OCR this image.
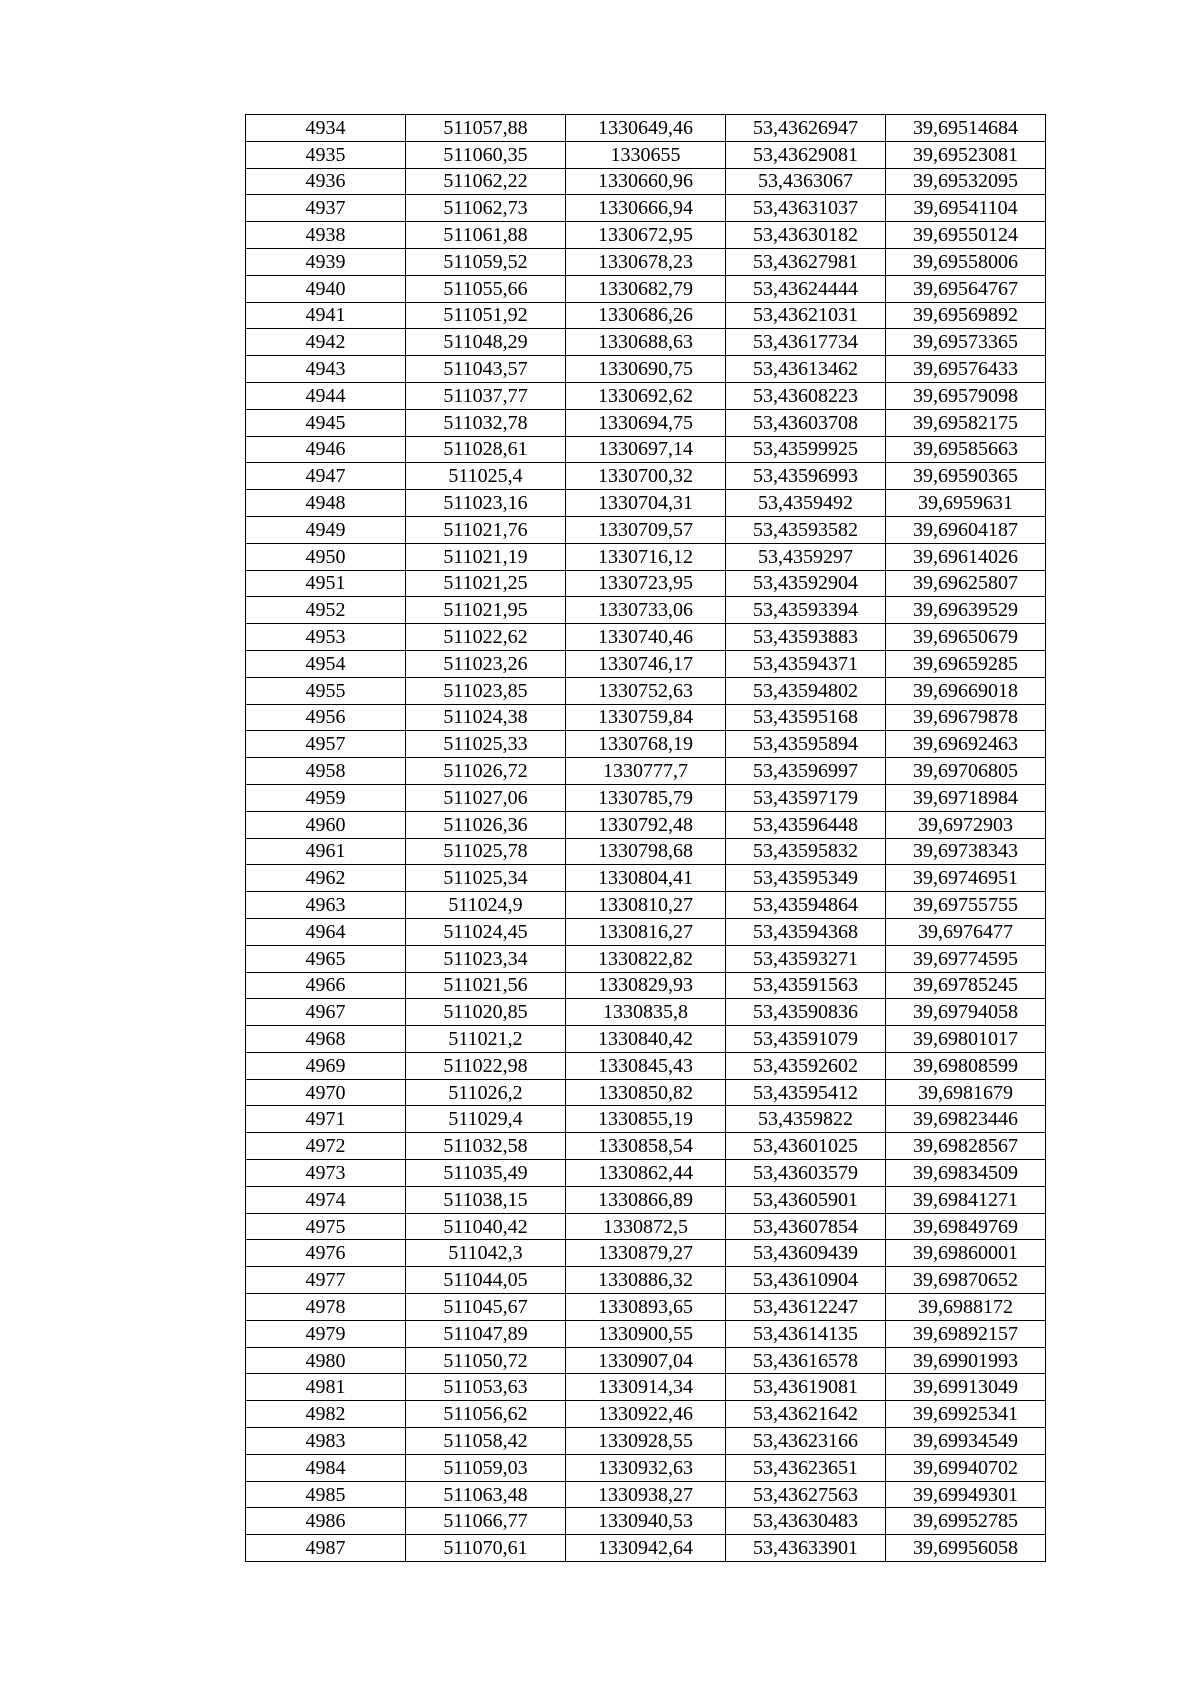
4934	511057,88	1330649,46	53,43626947	39,69514684
4935	511060,35	1330655	53,43629081	39,69523081
4936	511062,22	1330660,96	53,4363067	39,69532095
4937	511062,73	1330666,94	53,43631037	39,69541104
4938	511061,88	1330672,95	53,43630182	39,69550124
4939	511059,52	1330678,23	53,43627981	39,69558006
4940	511055,66	1330682,79	53,43624444	39,69564767
4941	511051,92	1330686,26	53,43621031	39,69569892
4942	511048,29	1330688,63	53,43617734	39,69573365
4943	511043,57	1330690,75	53,43613462	39,69576433
4944	511037,77	1330692,62	53,43608223	39,69579098
4945	511032,78	1330694,75	53,43603708	39,69582175
4946	511028,61	1330697,14	53,43599925	39,69585663
4947	511025,4	1330700,32	53,43596993	39,69590365
4948	511023,16	1330704,31	53,4359492	39,6959631
4949	511021,76	1330709,57	53,43593582	39,69604187
4950	511021,19	1330716,12	53,4359297	39,69614026
4951	511021,25	1330723,95	53,43592904	39,69625807
4952	511021,95	1330733,06	53,43593394	39,69639529
4953	511022,62	1330740,46	53,43593883	39,69650679
4954	511023,26	1330746,17	53,43594371	39,69659285
4955	511023,85	1330752,63	53,43594802	39,69669018
4956	511024,38	1330759,84	53,43595168	39,69679878
4957	511025,33	1330768,19	53,43595894	39,69692463
4958	511026,72	1330777,7	53,43596997	39,69706805
4959	511027,06	1330785,79	53,43597179	39,69718984
4960	511026,36	1330792,48	53,43596448	39,6972903
4961	511025,78	1330798,68	53,43595832	39,69738343
4962	511025,34	1330804,41	53,43595349	39,69746951
4963	511024,9	1330810,27	53,43594864	39,69755755
4964	511024,45	1330816,27	53,43594368	39,6976477
4965	511023,34	1330822,82	53,43593271	39,69774595
4966	511021,56	1330829,93	53,43591563	39,69785245
4967	511020,85	1330835,8	53,43590836	39,69794058
4968	511021,2	1330840,42	53,43591079	39,69801017
4969	511022,98	1330845,43	53,43592602	39,69808599
4970	511026,2	1330850,82	53,43595412	39,6981679
4971	511029,4	1330855,19	53,4359822	39,69823446
4972	511032,58	1330858,54	53,43601025	39,69828567
4973	511035,49	1330862,44	53,43603579	39,69834509
4974	511038,15	1330866,89	53,43605901	39,69841271
4975	511040,42	1330872,5	53,43607854	39,69849769
4976	511042,3	1330879,27	53,43609439	39,69860001
4977	511044,05	1330886,32	53,43610904	39,69870652
4978	511045,67	1330893,65	53,43612247	39,6988172
4979	511047,89	1330900,55	53,43614135	39,69892157
4980	511050,72	1330907,04	53,43616578	39,69901993
4981	511053,63	1330914,34	53,43619081	39,69913049
4982	511056,62	1330922,46	53,43621642	39,69925341
4983	511058,42	1330928,55	53,43623166	39,69934549
4984	511059,03	1330932,63	53,43623651	39,69940702
4985	511063,48	1330938,27	53,43627563	39,69949301
4986	511066,77	1330940,53	53,43630483	39,69952785
4987	511070,61	1330942,64	53,43633901	39,69956058
